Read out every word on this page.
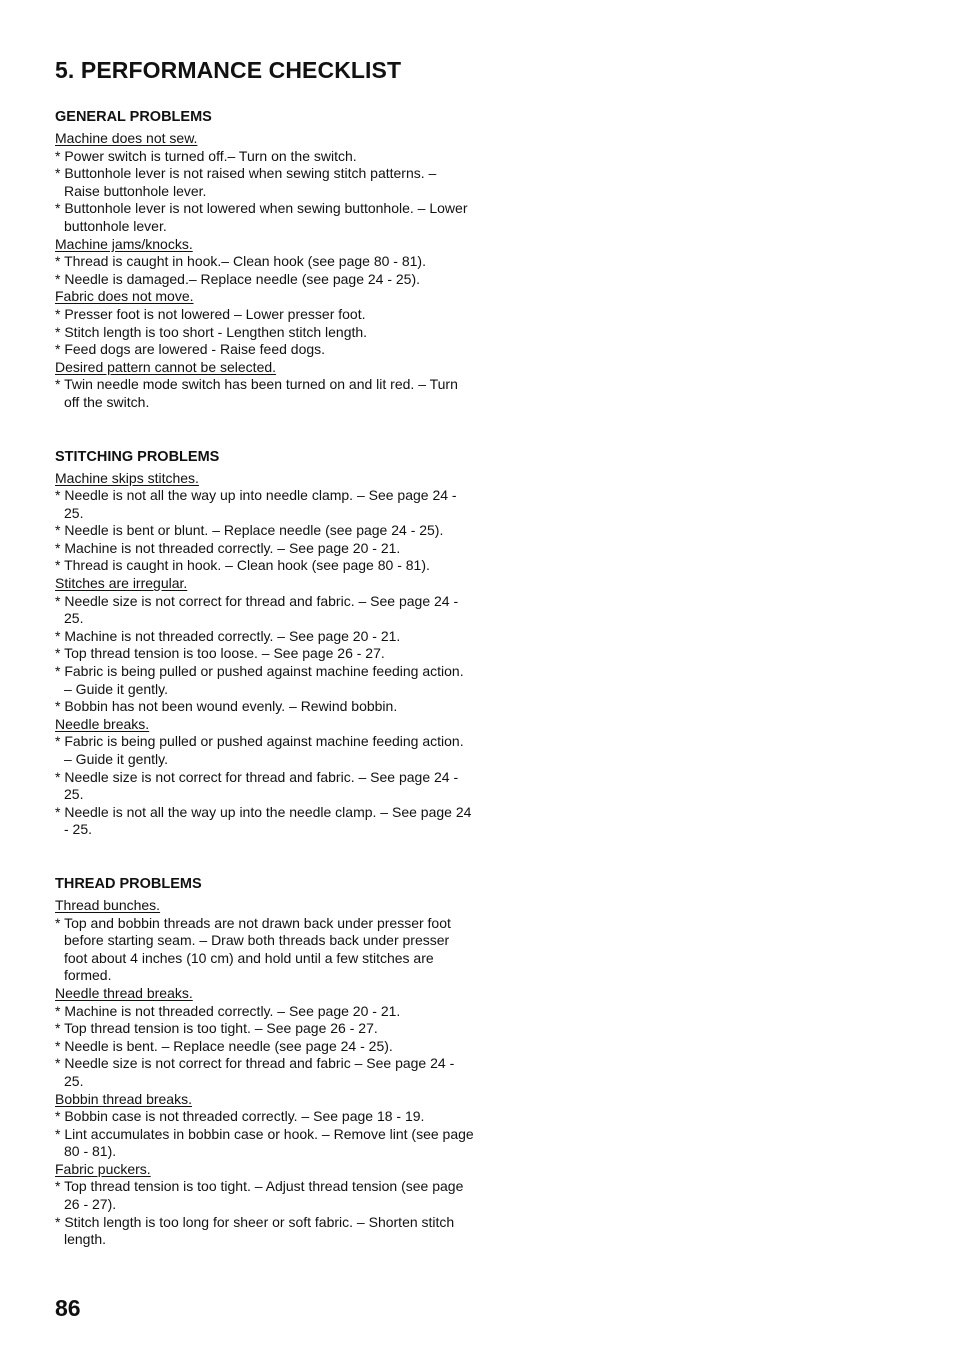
5. PERFORMANCE CHECKLIST
GENERAL PROBLEMS
Machine does not sew.
* Power switch is turned off.– Turn on the switch.
* Buttonhole lever is not raised when sewing stitch patterns. – Raise buttonhole lever.
* Buttonhole lever is not lowered when sewing buttonhole. – Lower buttonhole lever.
Machine jams/knocks.
* Thread is caught in hook.– Clean hook (see page 80 - 81).
* Needle is damaged.– Replace needle (see page 24 - 25).
Fabric does not move.
* Presser foot is not lowered – Lower presser foot.
* Stitch length is too short - Lengthen stitch length.
* Feed dogs are lowered - Raise feed dogs.
Desired pattern cannot be selected.
* Twin needle mode switch has been turned on and lit red. – Turn off the switch.
STITCHING PROBLEMS
Machine skips stitches.
* Needle is not all the way up into needle clamp. – See page 24 - 25.
* Needle is bent or blunt. – Replace needle (see page 24 - 25).
* Machine is not threaded correctly. – See page 20 - 21.
* Thread is caught in hook. – Clean hook (see page 80 - 81).
Stitches are irregular.
* Needle size is not correct for thread and fabric. – See page 24 - 25.
* Machine is not threaded correctly. – See page 20 - 21.
* Top thread tension is too loose. – See page 26 - 27.
* Fabric is being pulled or pushed against machine feeding action. – Guide it gently.
* Bobbin has not been wound evenly. – Rewind bobbin.
Needle breaks.
* Fabric is being pulled or pushed against machine feeding action. – Guide it gently.
* Needle size is not correct for thread and fabric. – See page 24 - 25.
* Needle is not all the way up into the needle clamp. – See page 24 - 25.
THREAD PROBLEMS
Thread bunches.
* Top and bobbin threads are not drawn back under presser foot before starting seam. – Draw both threads back under presser foot about 4 inches (10 cm) and hold until a few stitches are formed.
Needle thread breaks.
* Machine is not threaded correctly. – See page 20 - 21.
* Top thread tension is too tight. – See page 26 - 27.
* Needle is bent. – Replace needle (see page 24 - 25).
* Needle size is not correct for thread and fabric – See page 24 - 25.
Bobbin thread breaks.
* Bobbin case is not threaded correctly. – See page 18 - 19.
* Lint accumulates in bobbin case or hook. – Remove lint (see page 80 - 81).
Fabric puckers.
* Top thread tension is too tight. – Adjust thread tension (see page 26 - 27).
* Stitch length is too long for sheer or soft fabric. – Shorten stitch length.
86
